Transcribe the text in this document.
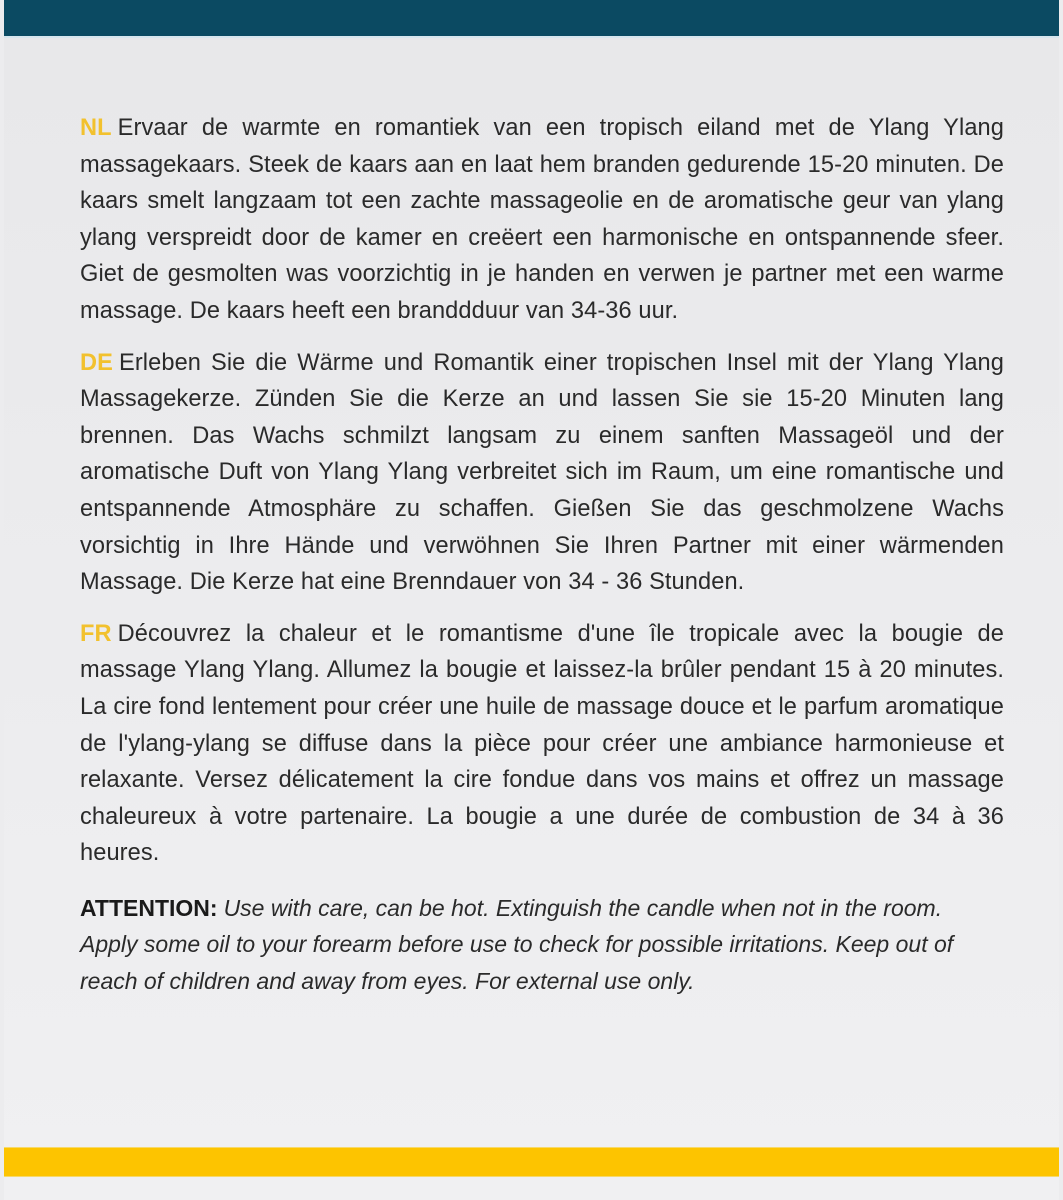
NL Ervaar de warmte en romantiek van een tropisch eiland met de Ylang Ylang massagekaars. Steek de kaars aan en laat hem branden gedurende 15-20 minuten. De kaars smelt langzaam tot een zachte massageolie en de aromatische geur van ylang ylang verspreidt door de kamer en creëert een harmonische en ontspannende sfeer. Giet de gesmolten was voorzichtig in je handen en verwen je partner met een warme massage. De kaars heeft een branddduur van 34-36 uur.

DE Erleben Sie die Wärme und Romantik einer tropischen Insel mit der Ylang Ylang Massagekerze. Zünden Sie die Kerze an und lassen Sie sie 15-20 Minuten lang brennen. Das Wachs schmilzt langsam zu einem sanften Massageöl und der aromatische Duft von Ylang Ylang verbreitet sich im Raum, um eine romantische und entspannende Atmosphäre zu schaffen. Gießen Sie das geschmolzene Wachs vorsichtig in Ihre Hände und verwöhnen Sie Ihren Partner mit einer wärmenden Massage. Die Kerze hat eine Brenndauer von 34 - 36 Stunden.

FR Découvrez la chaleur et le romantisme d'une île tropicale avec la bougie de massage Ylang Ylang. Allumez la bougie et laissez-la brûler pendant 15 à 20 minutes. La cire fond lentement pour créer une huile de massage douce et le parfum aromatique de l'ylang-ylang se diffuse dans la pièce pour créer une ambiance harmonieuse et relaxante. Versez délicatement la cire fondue dans vos mains et offrez un massage chaleureux à votre partenaire. La bougie a une durée de combustion de 34 à 36 heures.

ATTENTION: Use with care, can be hot. Extinguish the candle when not in the room. Apply some oil to your forearm before use to check for possible irritations. Keep out of reach of children and away from eyes. For external use only.
